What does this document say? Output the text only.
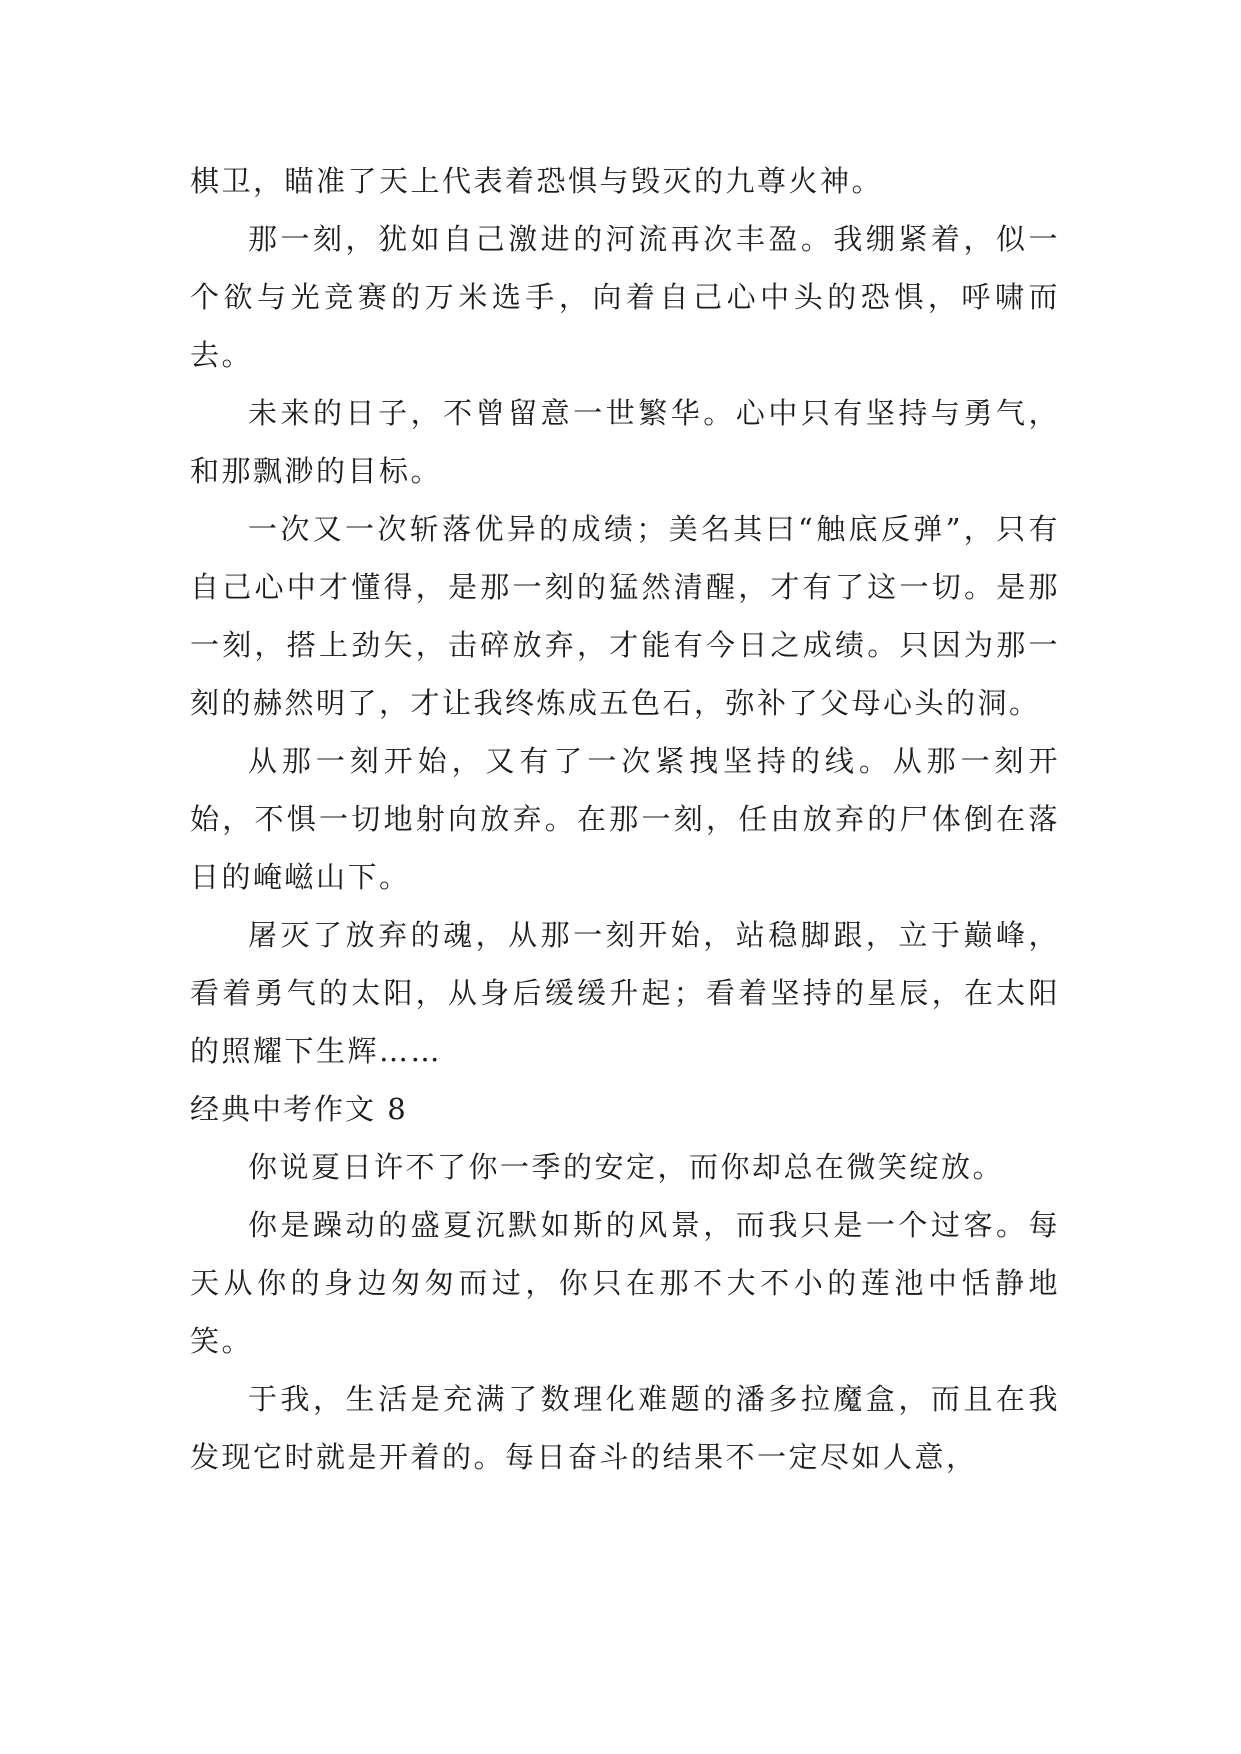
棋卫，瞄准了天上代表着恐惧与毁灭的九尊火神。

那一刻，犹如自己激进的河流再次丰盈。我绷紧着，似一个欲与光竞赛的万米选手，向着自己心中头的恐惧，呼啸而去。

未来的日子，不曾留意一世繁华。心中只有坚持与勇气，和那飘渺的目标。

一次又一次斩落优异的成绩；美名其曰“触底反弹”，只有自己心中才懂得，是那一刻的猛然清醒，才有了这一切。是那一刻，搭上劲矢，击碎放弃，才能有今日之成绩。只因为那一刻的赫然明了，才让我终炼成五色石，弥补了父母心头的洞。

从那一刻开始，又有了一次紧拽坚持的线。从那一刻开始，不惧一切地射向放弃。在那一刻，任由放弃的尸体倒在落日的崦嵫山下。

屠灭了放弃的魂，从那一刻开始，站稳脚跟，立于巅峰，看着勇气的太阳，从身后缓缓升起；看着坚持的星辰，在太阳的照耀下生辉……

经典中考作文 8

你说夏日许不了你一季的安定，而你却总在微笑绽放。

你是躁动的盛夏沉默如斯的风景，而我只是一个过客。每天从你的身边匆匆而过，你只在那不大不小的莲池中恬静地笑。

于我，生活是充满了数理化难题的潘多拉魔盒，而且在我发现它时就是开着的。每日奋斗的结果不一定尽如人意，
